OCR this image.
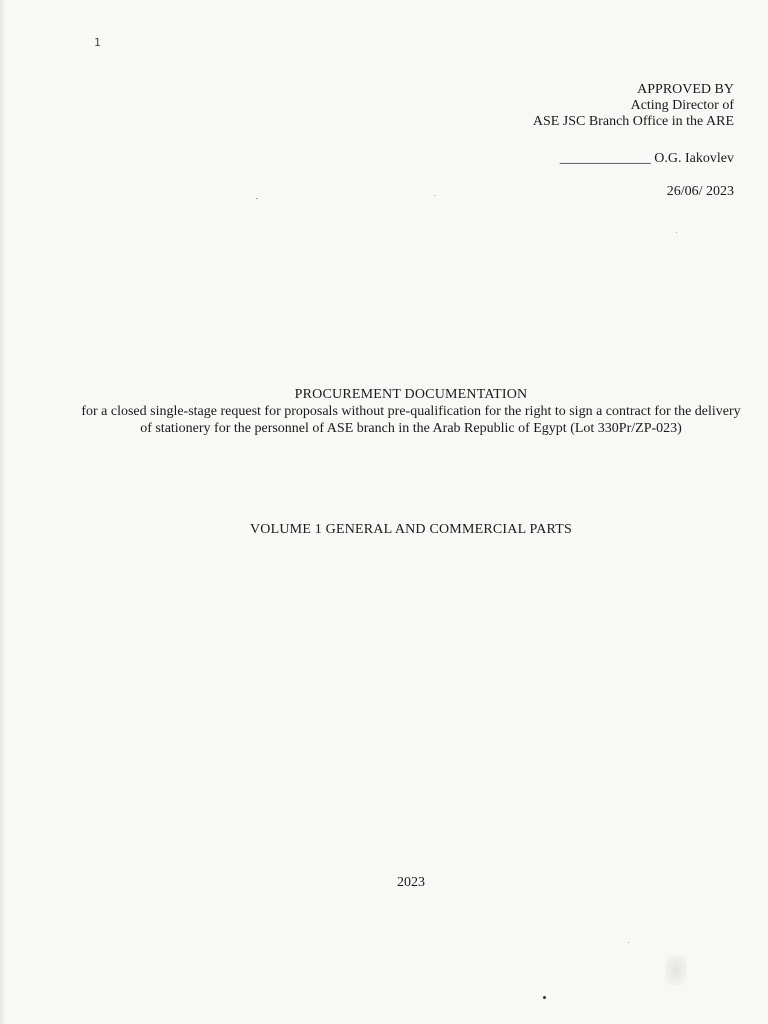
1
APPROVED BY
Acting Director of
ASE JSC Branch Office in the ARE
_____________ O.G. Iakovlev
26/06/ 2023
PROCUREMENT DOCUMENTATION
for a closed single-stage request for proposals without pre-qualification for the right to sign a contract for the delivery of stationery for the personnel of ASE branch in the Arab Republic of Egypt (Lot 330Pr/ZP-023)
VOLUME 1 GENERAL AND COMMERCIAL PARTS
2023
